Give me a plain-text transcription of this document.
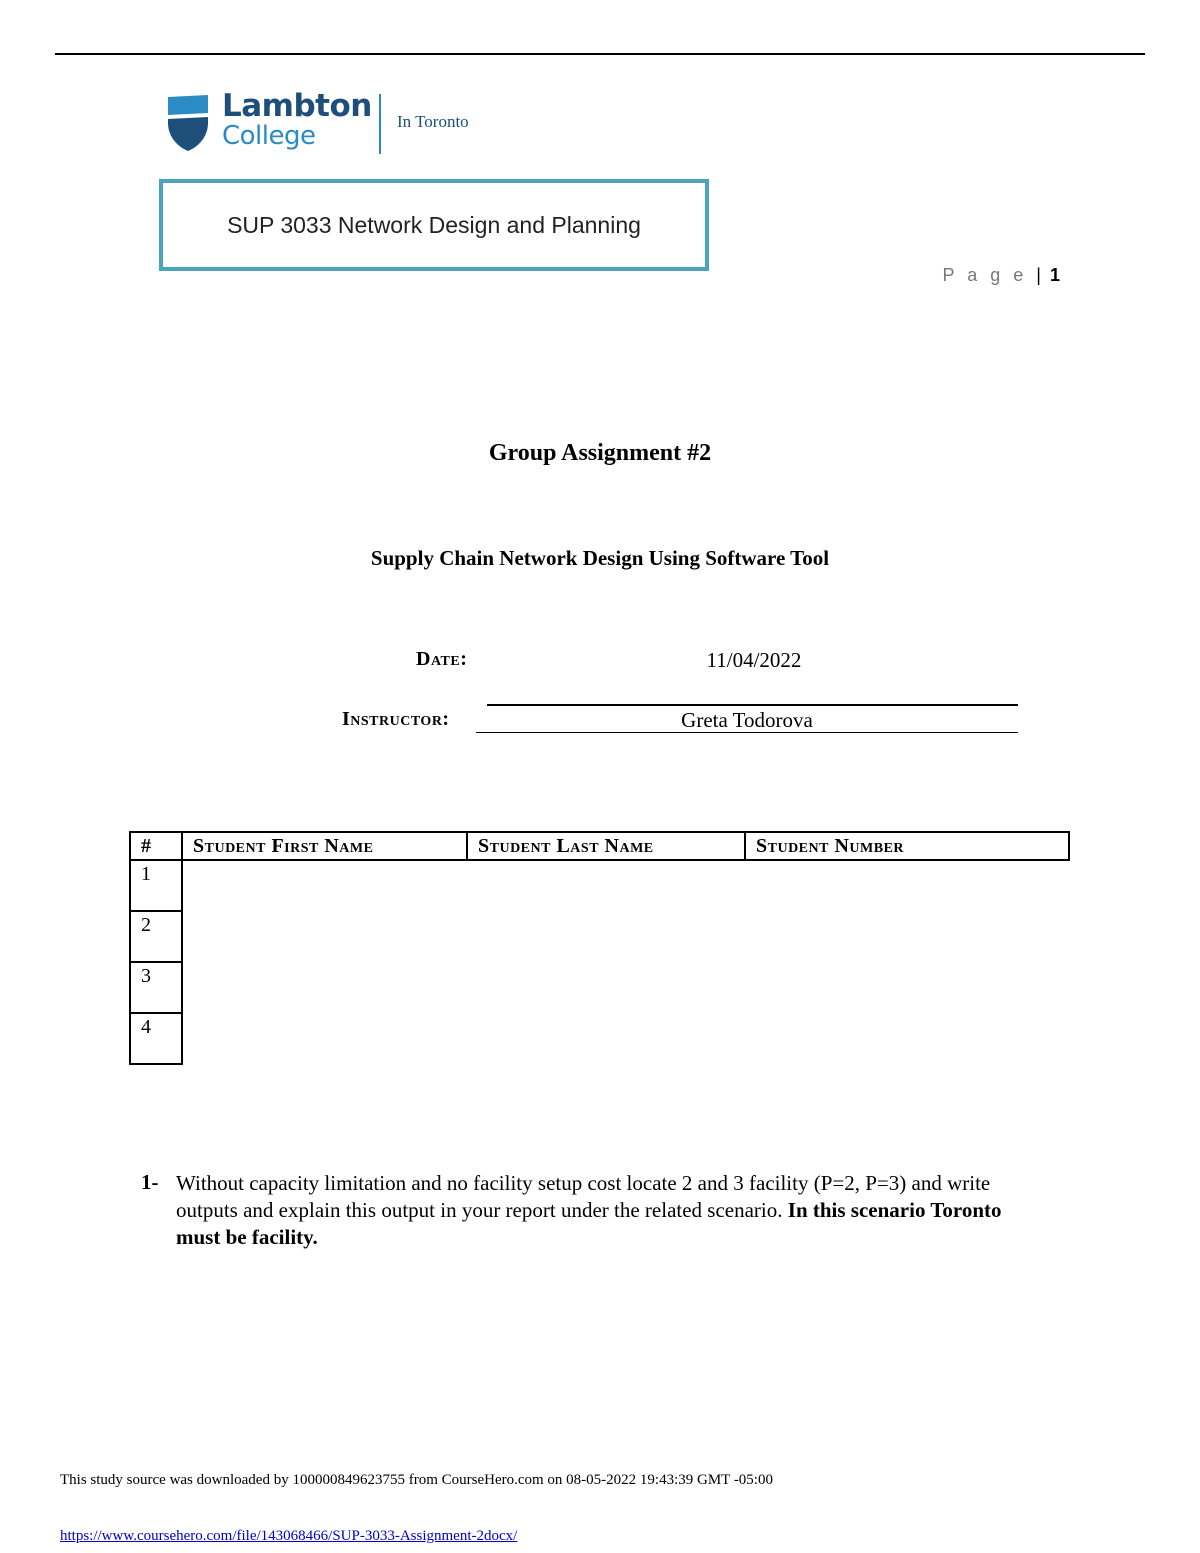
Lambton
College	In Toronto
SUP 3033 Network Design and Planning
P a g e | 1
Group Assignment #2
Supply Chain Network Design Using Software Tool
Date:	11/04/2022
Instructor:	Greta Todorova
#	Student First Name	Student Last Name	Student Number
1			
2			
3			
4			
1- Without capacity limitation and no facility setup cost locate 2 and 3 facility (P=2, P=3) and write outputs and explain this output in your report under the related scenario. In this scenario Toronto must be facility.
This study source was downloaded by 100000849623755 from CourseHero.com on 08-05-2022 19:43:39 GMT -05:00
https://www.coursehero.com/file/143068466/SUP-3033-Assignment-2docx/
